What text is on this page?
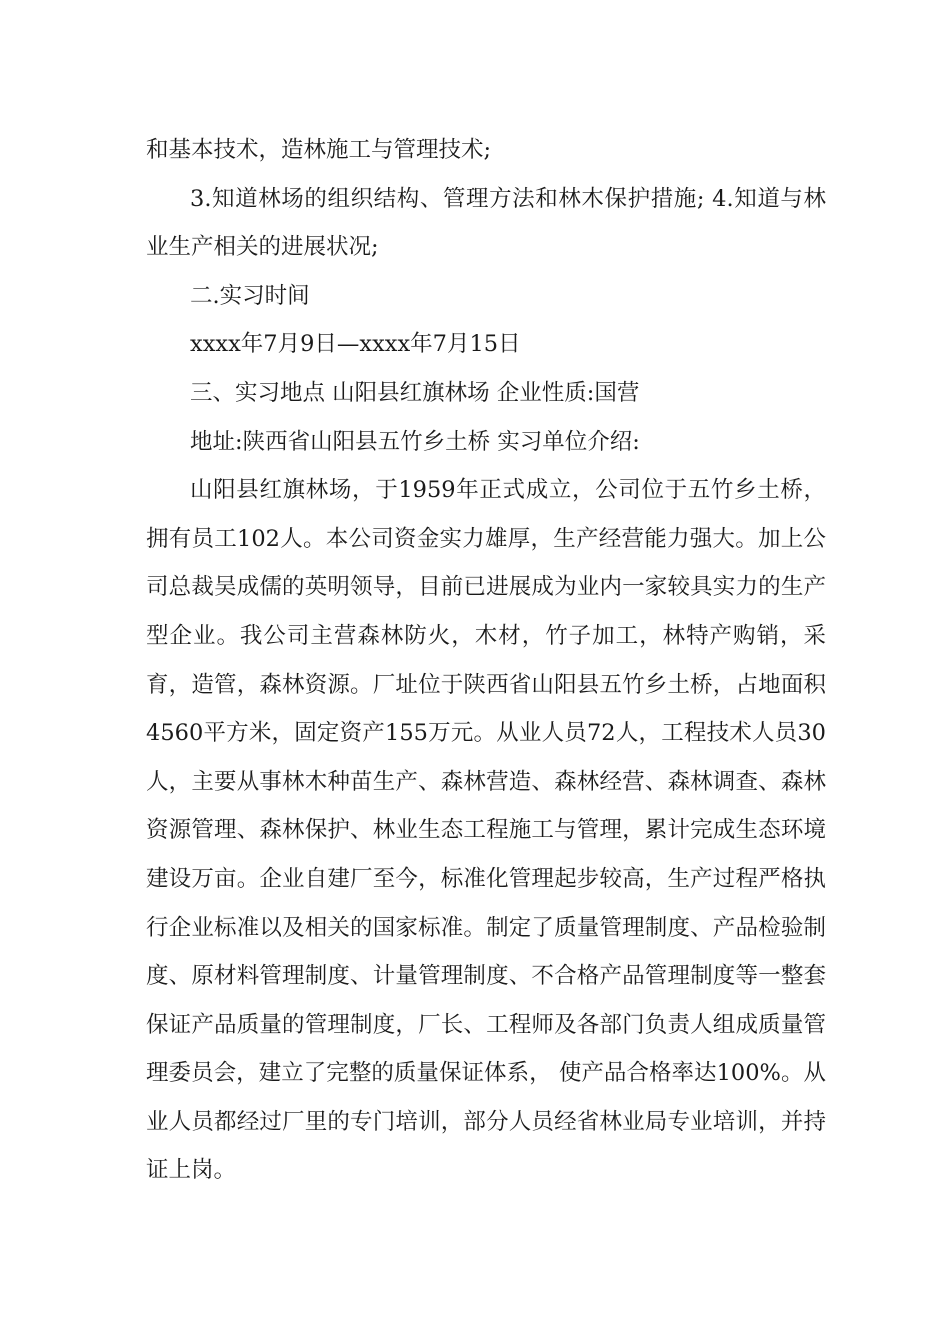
和基本技术，造林施工与管理技术;

3.知道林场的组织结构、管理方法和林木保护措施; 4.知道与林业生产相关的进展状况;

二.实习时间

xxxx年7月9日—xxxx年7月15日

三、实习地点 山阳县红旗林场 企业性质:国营

地址:陕西省山阳县五竹乡土桥 实习单位介绍:

山阳县红旗林场，于1959年正式成立，公司位于五竹乡土桥，拥有员工102人。本公司资金实力雄厚，生产经营能力强大。加上公司总裁吴成儒的英明领导，目前已进展成为业内一家较具实力的生产型企业。我公司主营森林防火，木材，竹子加工，林特产购销，采育，造管，森林资源。厂址位于陕西省山阳县五竹乡土桥，占地面积4560平方米，固定资产155万元。从业人员72人，工程技术人员30人，主要从事林木种苗生产、森林营造、森林经营、森林调查、森林资源管理、森林保护、林业生态工程施工与管理，累计完成生态环境建设万亩。企业自建厂至今，标准化管理起步较高，生产过程严格执行企业标准以及相关的国家标准。制定了质量管理制度、产品检验制度、原材料管理制度、计量管理制度、不合格产品管理制度等一整套保证产品质量的管理制度，厂长、工程师及各部门负责人组成质量管理委员会，建立了完整的质量保证体系， 使产品合格率达100%。从业人员都经过厂里的专门培训，部分人员经省林业局专业培训，并持证上岗。
